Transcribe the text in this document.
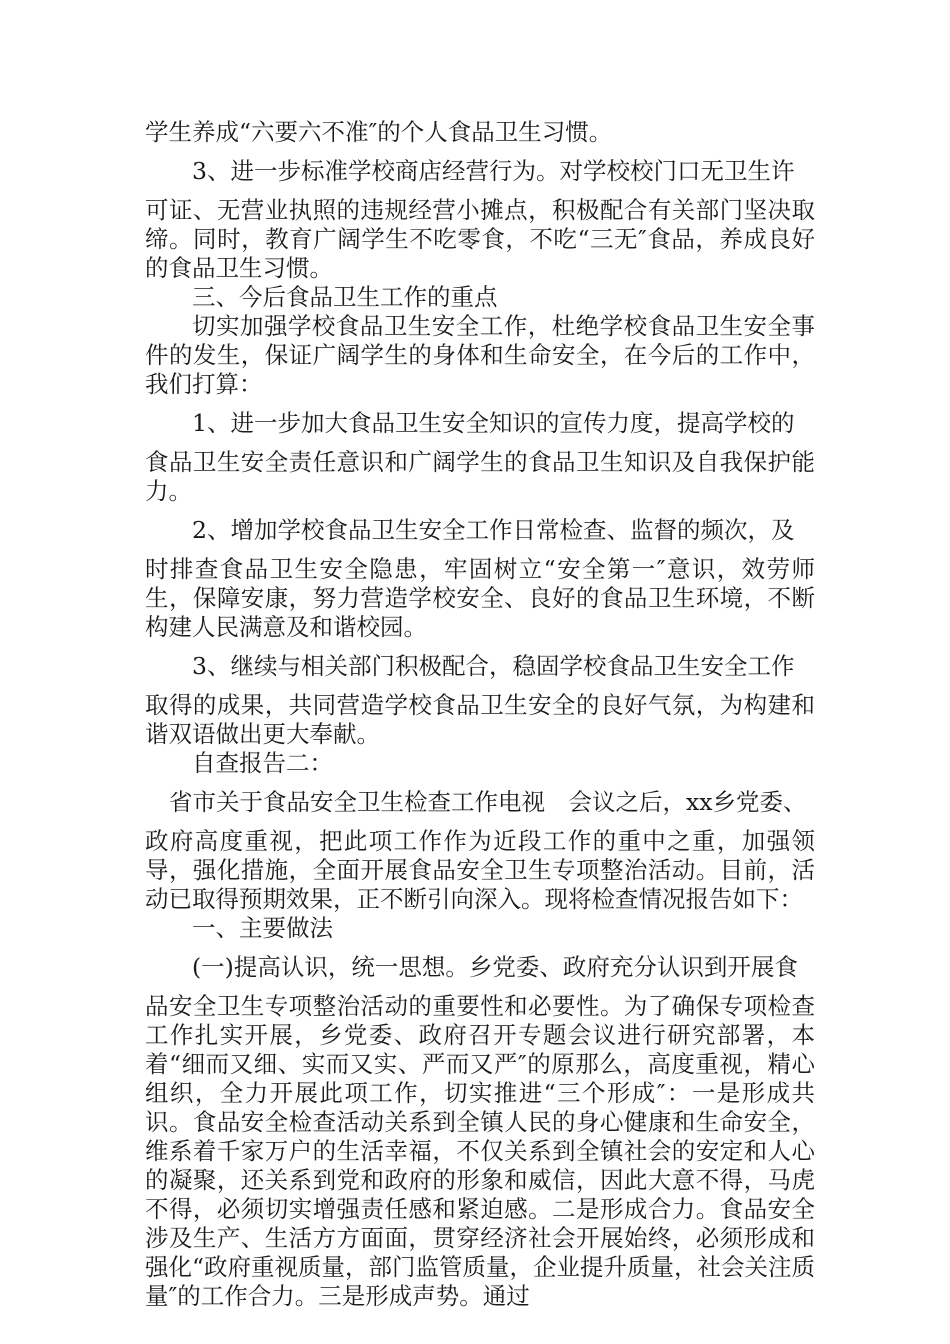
学生养成“六要六不准″的个人食品卫生习惯。

3、进一步标准学校商店经营行为。对学校校门口无卫生许

可证、无营业执照的违规经营小摊点，积极配合有关部门坚决取缔。同时，教育广阔学生不吃零食，不吃“三无″食品，养成良好的食品卫生习惯。

三、今后食品卫生工作的重点

切实加强学校食品卫生安全工作，杜绝学校食品卫生安全事件的发生，保证广阔学生的身体和生命安全，在今后的工作中，我们打算：

1、进一步加大食品卫生安全知识的宣传力度，提高学校的

食品卫生安全责任意识和广阔学生的食品卫生知识及自我保护能力。

2、增加学校食品卫生安全工作日常检查、监督的频次，及

时排查食品卫生安全隐患，牢固树立“安全第一″意识，效劳师生，保障安康，努力营造学校安全、良好的食品卫生环境，不断构建人民满意及和谐校园。

3、继续与相关部门积极配合，稳固学校食品卫生安全工作

取得的成果，共同营造学校食品卫生安全的良好气氛，为构建和谐双语做出更大奉献。

自查报告二：

省市关于食品安全卫生检查工作电视　会议之后，xx乡党委、

政府高度重视，把此项工作作为近段工作的重中之重，加强领导，强化措施，全面开展食品安全卫生专项整治活动。目前，活动已取得预期效果，正不断引向深入。现将检查情况报告如下：

一、主要做法

(一)提高认识，统一思想。乡党委、政府充分认识到开展食

品安全卫生专项整治活动的重要性和必要性。为了确保专项检查工作扎实开展，乡党委、政府召开专题会议进行研究部署，本着“细而又细、实而又实、严而又严″的原那么，高度重视，精心组织，全力开展此项工作，切实推进“三个形成″：一是形成共识。食品安全检查活动关系到全镇人民的身心健康和生命安全，维系着千家万户的生活幸福，不仅关系到全镇社会的安定和人心的凝聚，还关系到党和政府的形象和威信，因此大意不得，马虎不得，必须切实增强责任感和紧迫感。二是形成合力。食品安全涉及生产、生活方方面面，贯穿经济社会开展始终，必须形成和强化“政府重视质量，部门监管质量，企业提升质量，社会关注质量″的工作合力。三是形成声势。通过
